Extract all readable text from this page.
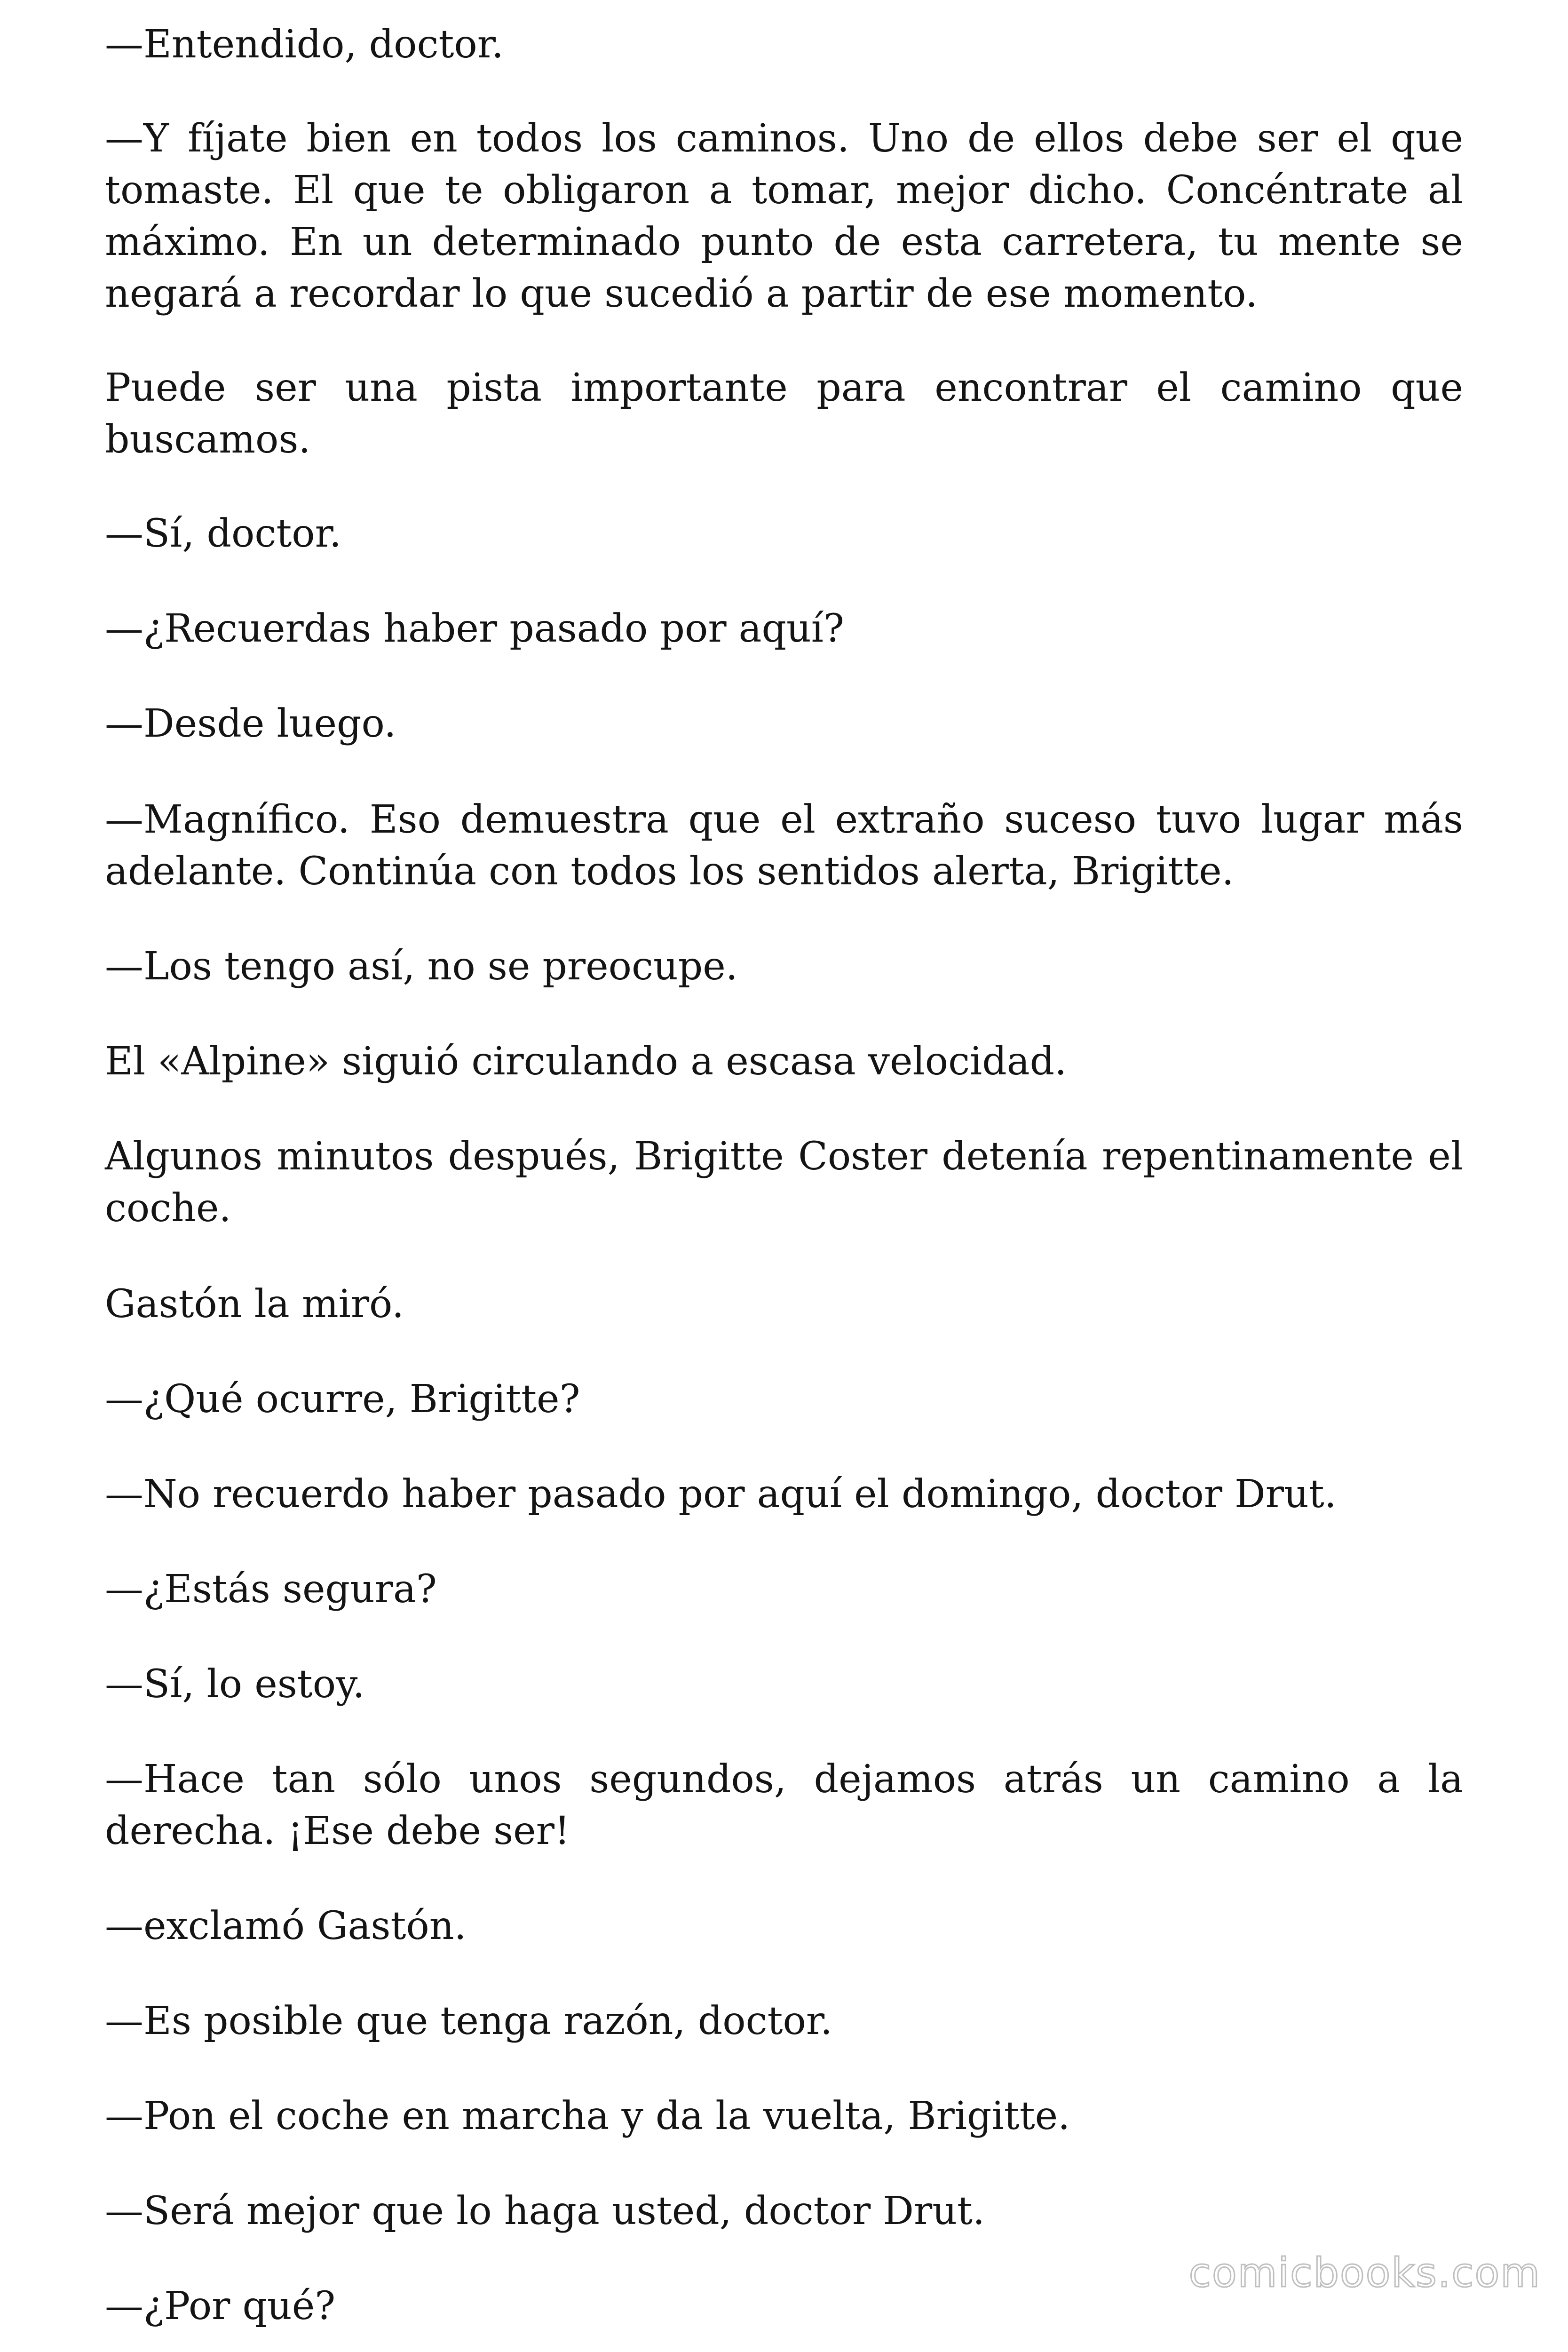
—Entendido, doctor.

—Y fíjate bien en todos los caminos. Uno de ellos debe ser el que tomaste. El que te obligaron a tomar, mejor dicho. Concéntrate al máximo. En un determinado punto de esta carretera, tu mente se negará a recordar lo que sucedió a partir de ese momento.

Puede ser una pista importante para encontrar el camino que buscamos.

—Sí, doctor.

—¿Recuerdas haber pasado por aquí?

—Desde luego.

—Magnífico. Eso demuestra que el extraño suceso tuvo lugar más adelante. Continúa con todos los sentidos alerta, Brigitte.

—Los tengo así, no se preocupe.

El «Alpine» siguió circulando a escasa velocidad.

Algunos minutos después, Brigitte Coster detenía repentinamente el coche.

Gastón la miró.

—¿Qué ocurre, Brigitte?

—No recuerdo haber pasado por aquí el domingo, doctor Drut.

—¿Estás segura?

—Sí, lo estoy.

—Hace tan sólo unos segundos, dejamos atrás un camino a la derecha. ¡Ese debe ser!

—exclamó Gastón.

—Es posible que tenga razón, doctor.

—Pon el coche en marcha y da la vuelta, Brigitte.

—Será mejor que lo haga usted, doctor Drut.

—¿Por qué?

comicbooks.com
